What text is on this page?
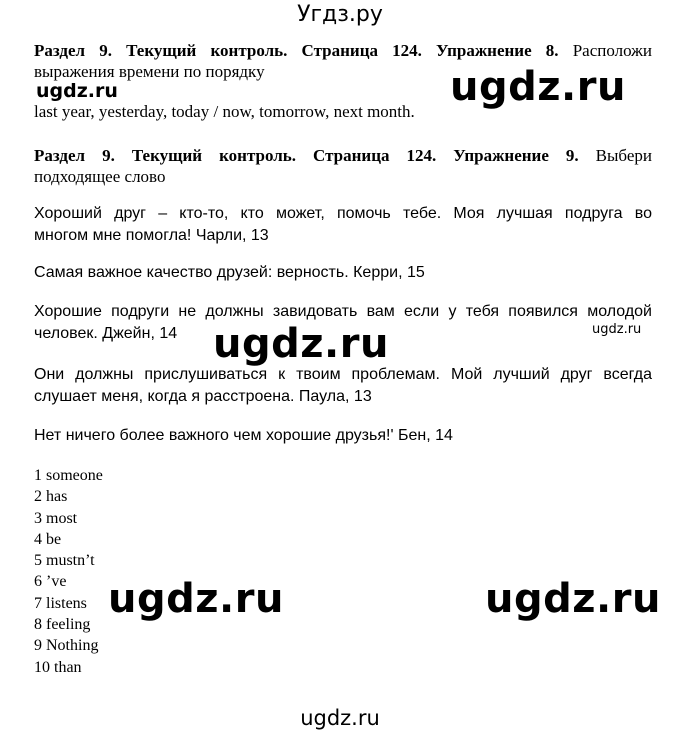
Угдз.ру
Раздел 9. Текущий контроль. Страница 124. Упражнение 8. Расположи
выражения времени по порядку
last year, yesterday, today / now, tomorrow, next month.
Раздел 9. Текущий контроль. Страница 124. Упражнение 9. Выбери
подходящее слово
Хороший друг – кто-то, кто может, помочь тебе. Моя лучшая подруга во
многом мне помогла! Чарли, 13
Самая важное качество друзей: верность. Керри, 15
Хорошие подруги не должны завидовать вам если у тебя появился молодой
человек. Джейн, 14
Они должны прислушиваться к твоим проблемам. Мой лучший друг всегда
слушает меня, когда я расстроена. Паула, 13
Нет ничего более важного чем хорошие друзья!' Бен, 14
1 someone
2 has
3 most
4 be
5 mustn’t
6 ’ve
7 listens
8 feeling
9 Nothing
10 than
ugdz.ru
ugdz.ru
ugdz.ru
ugdz.ru
ugdz.ru	ugdz.ru
ugdz.ru
